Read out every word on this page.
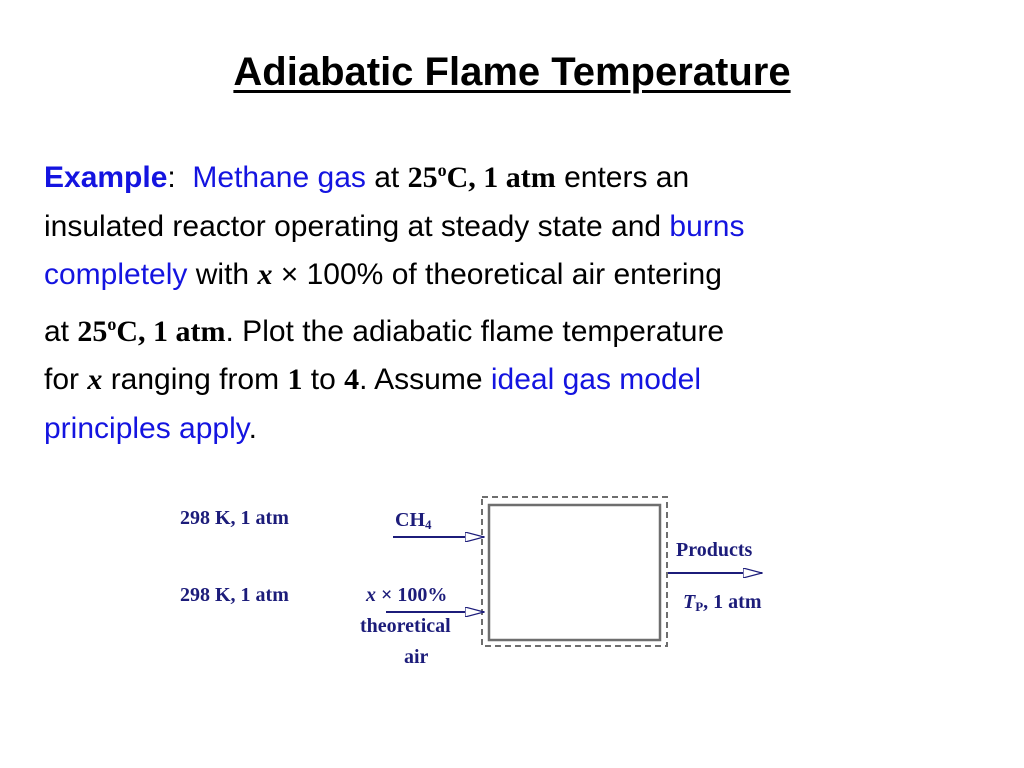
Adiabatic Flame Temperature
Example: Methane gas at 25$^o$C, 1 atm enters an
insulated reactor operating at steady state and burns
completely with x × 100% of theoretical air entering
at 25$^o$C, 1 atm. Plot the adiabatic flame temperature
for x ranging from 1 to 4. Assume ideal gas model
principles apply.
298 K, 1 atm
298 K, 1 atm
$CH_4$
x × 100%
theoretical
air
Products
$T_P$, 1 atm
